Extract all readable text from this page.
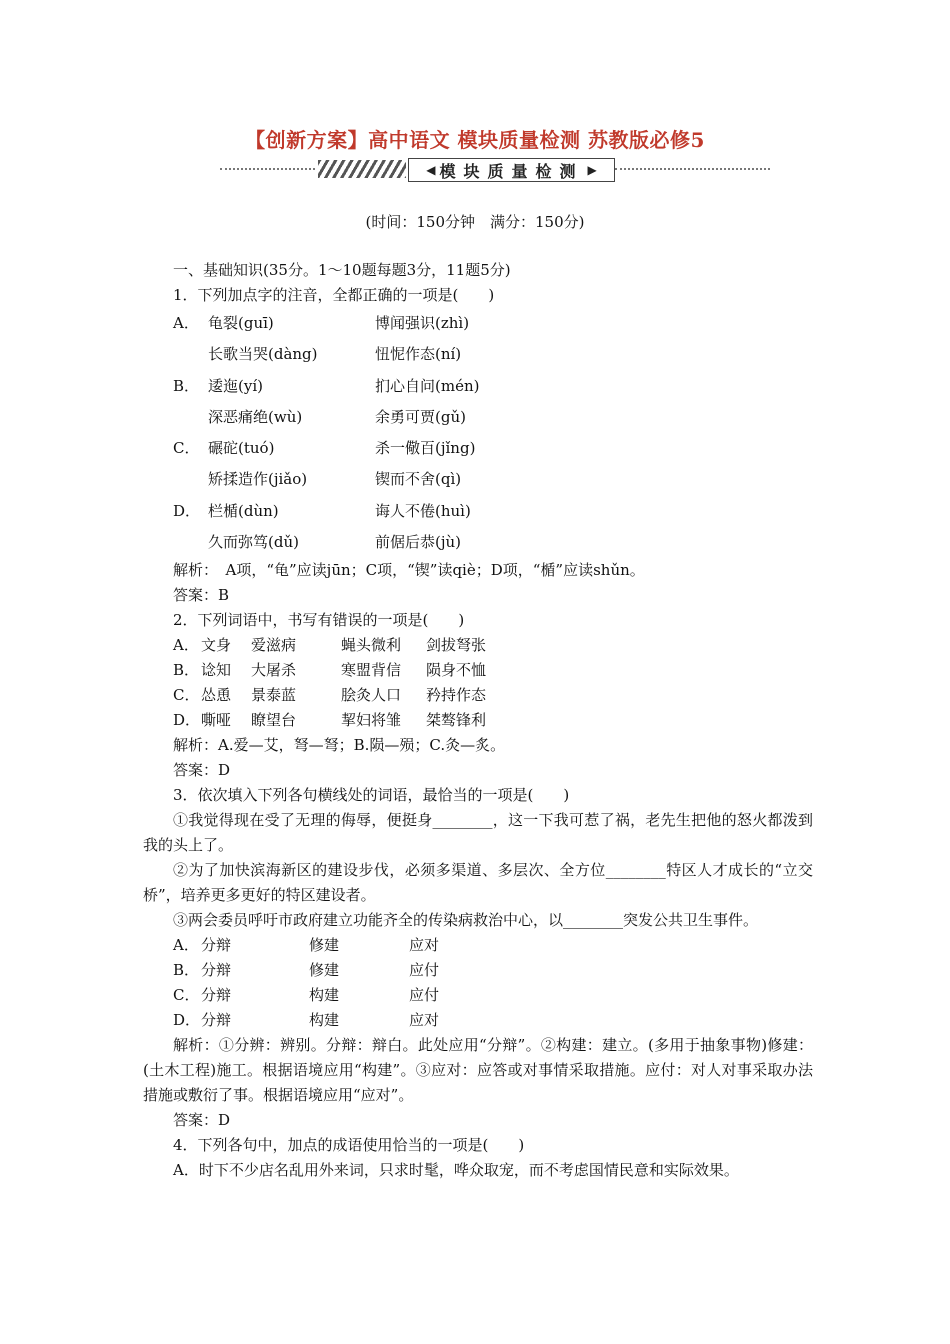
【创新方案】高中语文 模块质量检测 苏教版必修5
◀ 模块质量检测 ▶
(时间：150分钟　满分：150分)
一、基础知识(35分。1～10题每题3分，11题5分)
1．下列加点字的注音，全都正确的一项是(　　)
A． 龟裂(guī)	博闻强识(zhì)
长歌当哭(dàng)	忸怩作态(ní)
B． 逶迤(yí)	扪心自问(mén)
深恶痛绝(wù)	余勇可贾(gǔ)
C． 碾砣(tuó)	杀一儆百(jǐng)
矫揉造作(jiǎo)	锲而不舍(qì)
D． 栏楯(dùn)	诲人不倦(huì)
久而弥笃(dǔ)	前倨后恭(jù)
解析：　A项，“龟”应读jūn；C项，“锲”读qiè；D项，“楯”应读shǔn。
答案：B
2．下列词语中，书写有错误的一项是(　　)
A． 文身 爱滋病	蝇头微利 剑拔弩张
B． 谂知 大屠杀	寒盟背信 陨身不恤
C． 怂恿 景泰蓝	脍灸人口 矜持作态
D． 嘶哑 瞭望台	挈妇将雏 桀骜锋利
解析：A.爱—艾，弩—弩；B.陨—殒；C.灸—炙。
答案：D
3．依次填入下列各句横线处的词语，最恰当的一项是(　　)
①我觉得现在受了无理的侮辱，便挺身________，这一下我可惹了祸，老先生把他的怒火都泼到我的头上了。
②为了加快滨海新区的建设步伐，必须多渠道、多层次、全方位________特区人才成长的“立交桥”，培养更多更好的特区建设者。
③两会委员呼吁市政府建立功能齐全的传染病救治中心，以________突发公共卫生事件。
A． 分辩	修建	应对
B． 分辩	修建	应付
C． 分辩	构建	应付
D． 分辩	构建	应对
解析：①分辨：辨别。分辩：辩白。此处应用“分辩”。②构建：建立。(多用于抽象事物)修建：(土木工程)施工。根据语境应用“构建”。③应对：应答或对事情采取措施。应付：对人对事采取办法措施或敷衍了事。根据语境应用“应对”。
答案：D
4．下列各句中，加点的成语使用恰当的一项是(　　)
A．时下不少店名乱用外来词，只求时髦，哗众取宠，而不考虑国情民意和实际效果。
